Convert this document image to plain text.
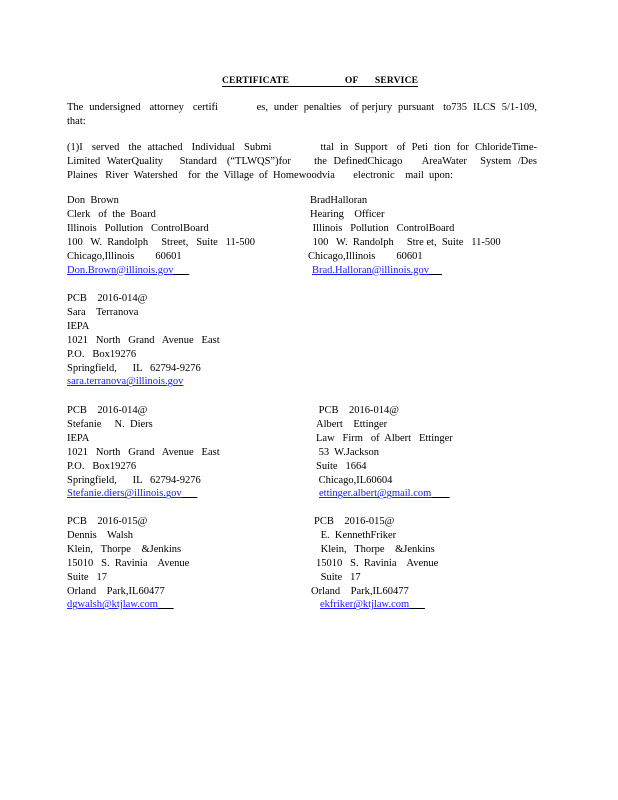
CERTIFICATE          OF   SERVICE
The  undersigned   attorney   certifi             es,  under  penalties   of perjury  pursuant   to735  ILCS  5/1-109, that:
(1)I   served   the  attached   Individual   Submi                ttal  in  Support   of  Peti  tion  for  ChlorideTime-Limited  WaterQuality     Standard   (“TLWQS”)for       the  DefinedChicago      AreaWater    System  /Des Plaines   River  Watershed    for  the  Village  of  Homewoodvia       electronic    mail  upon:
Don  Brown
Clerk   of  the  Board
Illinois   Pollution   ControlBoard
100   W.  Randolph     Street,   Suite   11-500
Chicago,Illinois        60601
Don.Brown@illinois.gov
PCB    2016-014@
Sara    Terranova
IEPA
1021   North   Grand   Avenue   East
P.O.   Box19276
Springfield,      IL   62794-9276
sara.terranova@illinois.gov
PCB    2016-014@
Stefanie     N.  Diers
IEPA
1021   North   Grand   Avenue   East
P.O.   Box19276
Springfield,      IL   62794-9276
Stefanie.diers@illinois.gov
PCB    2016-015@
Dennis    Walsh
Klein,   Thorpe    &Jenkins
15010   S.  Ravinia    Avenue
Suite   17
Orland    Park,IL60477
dgwalsh@ktjlaw.com
BradHalloran
Hearing    Officer
Illinois   Pollution   ControlBoard
100   W.  Randolph     Stre et,  Suite   11-500
Chicago,Illinois        60601
Brad.Halloran@illinois.gov
PCB    2016-014@
Albert    Ettinger
Law   Firm   of  Albert   Ettinger
53  W.Jackson
Suite   1664
Chicago,IL60604
ettinger.albert@gmail.com
PCB    2016-015@
E.  KennethFriker
Klein,   Thorpe    &Jenkins
15010   S.  Ravinia    Avenue
Suite   17
Orland    Park,IL60477
ekfriker@ktjlaw.com
